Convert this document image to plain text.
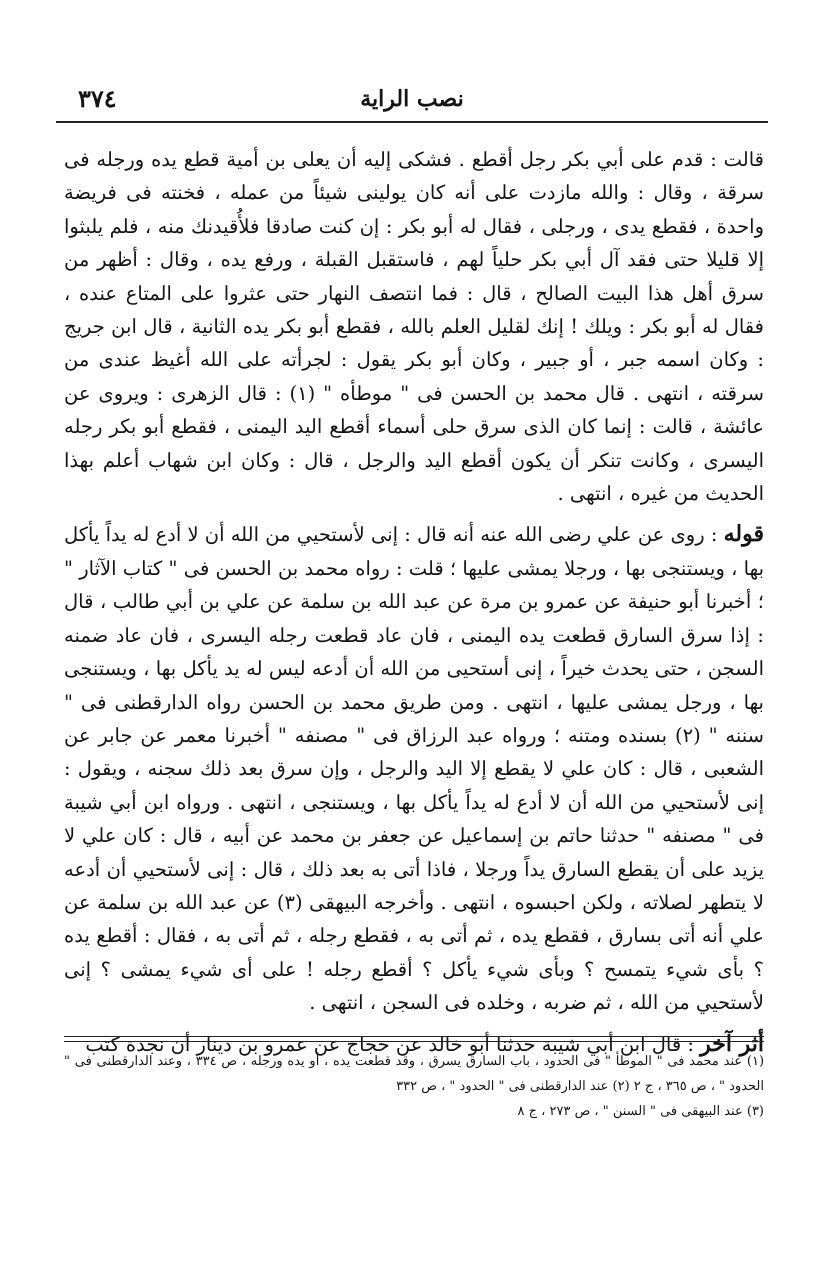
٣٧٤	نصب الراية

قالت : قدم على أبي بكر رجل أقطع . فشكى إليه أن يعلى بن أمية قطع يده ورجله فى سرقة ، وقال : والله مازدت على أنه كان يولينى شيئاً من عمله ، فخنته فى فريضة واحدة ، فقطع يدى ، ورجلى ، فقال له أبو بكر : إن كنت صادقا فلأُقيدنك منه ، فلم يلبثوا إلا قليلا حتى فقد آل أبي بكر حلياً لهم ، فاستقبل القبلة ، ورفع يده ، وقال : أظهر من سرق أهل هذا البيت الصالح ، قال : فما انتصف النهار حتى عثروا على المتاع عنده ، فقال له أبو بكر : ويلك ! إنك لقليل العلم بالله ، فقطع أبو بكر يده الثانية ، قال ابن جريج : وكان اسمه جبر ، أو جبير ، وكان أبو بكر يقول : لجرأته على الله أغيظ عندى من سرقته ، انتهى . قال محمد بن الحسن فى " موطأه " (١) : قال الزهرى : ويروى عن عائشة ، قالت : إنما كان الذى سرق حلى أسماء أقطع اليد اليمنى ، فقطع أبو بكر رجله اليسرى ، وكانت تنكر أن يكون أقطع اليد والرجل ، قال : وكان ابن شهاب أعلم بهذا الحديث من غيره ، انتهى .

قوله : روى عن علي رضى الله عنه أنه قال : إنى لأستحيي من الله أن لا أدع له يداً يأكل بها ، ويستنجى بها ، ورجلا يمشى عليها ؛ قلت : رواه محمد بن الحسن فى " كتاب الآثار " ؛ أخبرنا أبو حنيفة عن عمرو بن مرة عن عبد الله بن سلمة عن علي بن أبي طالب ، قال : إذا سرق السارق قطعت يده اليمنى ، فان عاد قطعت رجله اليسرى ، فان عاد ضمنه السجن ، حتى يحدث خيراً ، إنى أستحيى من الله أن أدعه ليس له يد يأكل بها ، ويستنجى بها ، ورجل يمشى عليها ، انتهى . ومن طريق محمد بن الحسن رواه الدارقطنى فى " سننه " (٢) بسنده ومتنه ؛ ورواه عبد الرزاق فى " مصنفه " أخبرنا معمر عن جابر عن الشعبى ، قال : كان علي لا يقطع إلا اليد والرجل ، وإن سرق بعد ذلك سجنه ، ويقول : إنى لأستحيي من الله أن لا أدع له يداً يأكل بها ، ويستنجى ، انتهى . ورواه ابن أبي شيبة فى " مصنفه " حدثنا حاتم بن إسماعيل عن جعفر بن محمد عن أبيه ، قال : كان علي لا يزيد على أن يقطع السارق يداً ورجلا ، فاذا أتى به بعد ذلك ، قال : إنى لأستحيي أن أدعه لا يتطهر لصلاته ، ولكن احبسوه ، انتهى . وأخرجه البيهقى (٣) عن عبد الله بن سلمة عن علي أنه أتى بسارق ، فقطع يده ، ثم أتى به ، فقطع رجله ، ثم أتى به ، فقال : أقطع يده ؟ بأى شيء يتمسح ؟ وبأى شيء يأكل ؟ أقطع رجله ! على أى شيء يمشى ؟ إنى لأستحيي من الله ، ثم ضربه ، وخلده فى السجن ، انتهى .

أثر آخر : قال ابن أبي شيبة حدثنا أبو خالد عن حجاج عن عمرو بن دينار أن نجدة كتب

(١) عند محمد فى " الموطأ " فى الحدود ، باب السارق يسرق ، وقد قطعت يده ، أو يده ورجله ، ص ٣٣٤ ، وعند الدارقطنى فى " الحدود " ، ص ٣٦٥ ، ج ٢ (٢) عند الدارقطنى فى " الحدود " ، ص ٣٣٢

(٣) عند البيهقى فى " السنن " ، ص ٢٧٣ ، ج ٨
